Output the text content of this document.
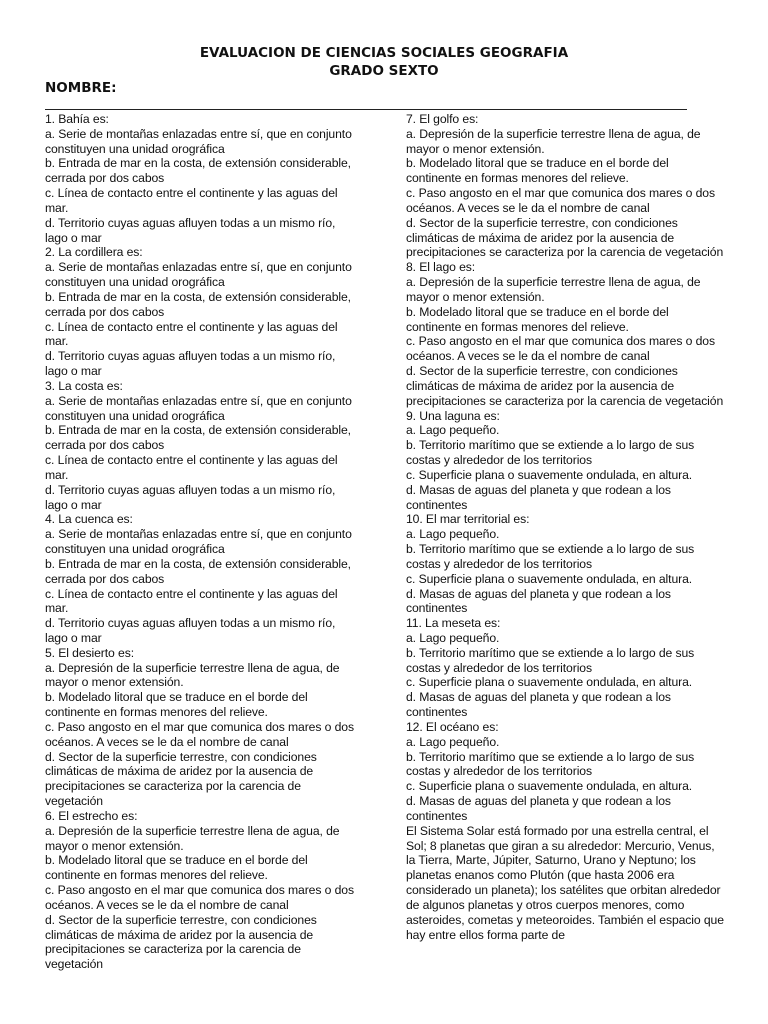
EVALUACION DE CIENCIAS SOCIALES GEOGRAFIA
GRADO SEXTO
NOMBRE:
1. Bahía es:
a. Serie de montañas enlazadas entre sí, que en conjunto constituyen una unidad orográfica
b. Entrada de mar en la costa, de extensión considerable, cerrada por dos cabos
c. Línea de contacto entre el continente y las aguas del mar.
d. Territorio cuyas aguas afluyen todas a un mismo río, lago o mar
2. La cordillera es:
a. Serie de montañas enlazadas entre sí, que en conjunto constituyen una unidad orográfica
b. Entrada de mar en la costa, de extensión considerable, cerrada por dos cabos
c. Línea de contacto entre el continente y las aguas del mar.
d. Territorio cuyas aguas afluyen todas a un mismo río, lago o mar
3. La costa es:
a. Serie de montañas enlazadas entre sí, que en conjunto constituyen una unidad orográfica
b. Entrada de mar en la costa, de extensión considerable, cerrada por dos cabos
c. Línea de contacto entre el continente y las aguas del mar.
d. Territorio cuyas aguas afluyen todas a un mismo río, lago o mar
4. La cuenca es:
a. Serie de montañas enlazadas entre sí, que en conjunto constituyen una unidad orográfica
b. Entrada de mar en la costa, de extensión considerable, cerrada por dos cabos
c. Línea de contacto entre el continente y las aguas del mar.
d. Territorio cuyas aguas afluyen todas a un mismo río, lago o mar
5. El desierto es:
a. Depresión de la superficie terrestre llena de agua, de mayor o menor extensión.
b. Modelado litoral que se traduce en el borde del continente en formas menores del relieve.
c. Paso angosto en el mar que comunica dos mares o dos océanos. A veces se le da el nombre de canal
d. Sector de la superficie terrestre, con condiciones climáticas de máxima de aridez por la ausencia de precipitaciones se caracteriza por la carencia de vegetación
6. El estrecho es:
a. Depresión de la superficie terrestre llena de agua, de mayor o menor extensión.
b. Modelado litoral que se traduce en el borde del continente en formas menores del relieve.
c. Paso angosto en el mar que comunica dos mares o dos océanos. A veces se le da el nombre de canal
d. Sector de la superficie terrestre, con condiciones climáticas de máxima de aridez por la ausencia de precipitaciones se caracteriza por la carencia de vegetación
7. El golfo es:
a. Depresión de la superficie terrestre llena de agua, de mayor o menor extensión.
b. Modelado litoral que se traduce en el borde del continente en formas menores del relieve.
c. Paso angosto en el mar que comunica dos mares o dos océanos. A veces se le da el nombre de canal
d. Sector de la superficie terrestre, con condiciones climáticas de máxima de aridez por la ausencia de precipitaciones se caracteriza por la carencia de vegetación
8. El lago es:
a. Depresión de la superficie terrestre llena de agua, de mayor o menor extensión.
b. Modelado litoral que se traduce en el borde del continente en formas menores del relieve.
c. Paso angosto en el mar que comunica dos mares o dos océanos. A veces se le da el nombre de canal
d. Sector de la superficie terrestre, con condiciones climáticas de máxima de aridez por la ausencia de precipitaciones se caracteriza por la carencia de vegetación
9. Una laguna es:
a. Lago pequeño.
b. Territorio marítimo que se extiende a lo largo de sus costas y alrededor de los territorios
c. Superficie plana o suavemente ondulada, en altura.
d. Masas de aguas del planeta y que rodean a los continentes
10. El mar territorial es:
a. Lago pequeño.
b. Territorio marítimo que se extiende a lo largo de sus costas y alrededor de los territorios
c. Superficie plana o suavemente ondulada, en altura.
d. Masas de aguas del planeta y que rodean a los continentes
11. La meseta es:
a. Lago pequeño.
b. Territorio marítimo que se extiende a lo largo de sus costas y alrededor de los territorios
c. Superficie plana o suavemente ondulada, en altura.
d. Masas de aguas del planeta y que rodean a los continentes
12. El océano es:
a. Lago pequeño.
b. Territorio marítimo que se extiende a lo largo de sus costas y alrededor de los territorios
c. Superficie plana o suavemente ondulada, en altura.
d. Masas de aguas del planeta y que rodean a los continentes
El Sistema Solar está formado por una estrella central, el Sol; 8 planetas que giran a su alrededor: Mercurio, Venus, la Tierra, Marte, Júpiter, Saturno, Urano y Neptuno; los planetas enanos como Plutón (que hasta 2006 era considerado un planeta); los satélites que orbitan alrededor de algunos planetas y otros cuerpos menores, como asteroides, cometas y meteoroides. También el espacio que hay entre ellos forma parte de
